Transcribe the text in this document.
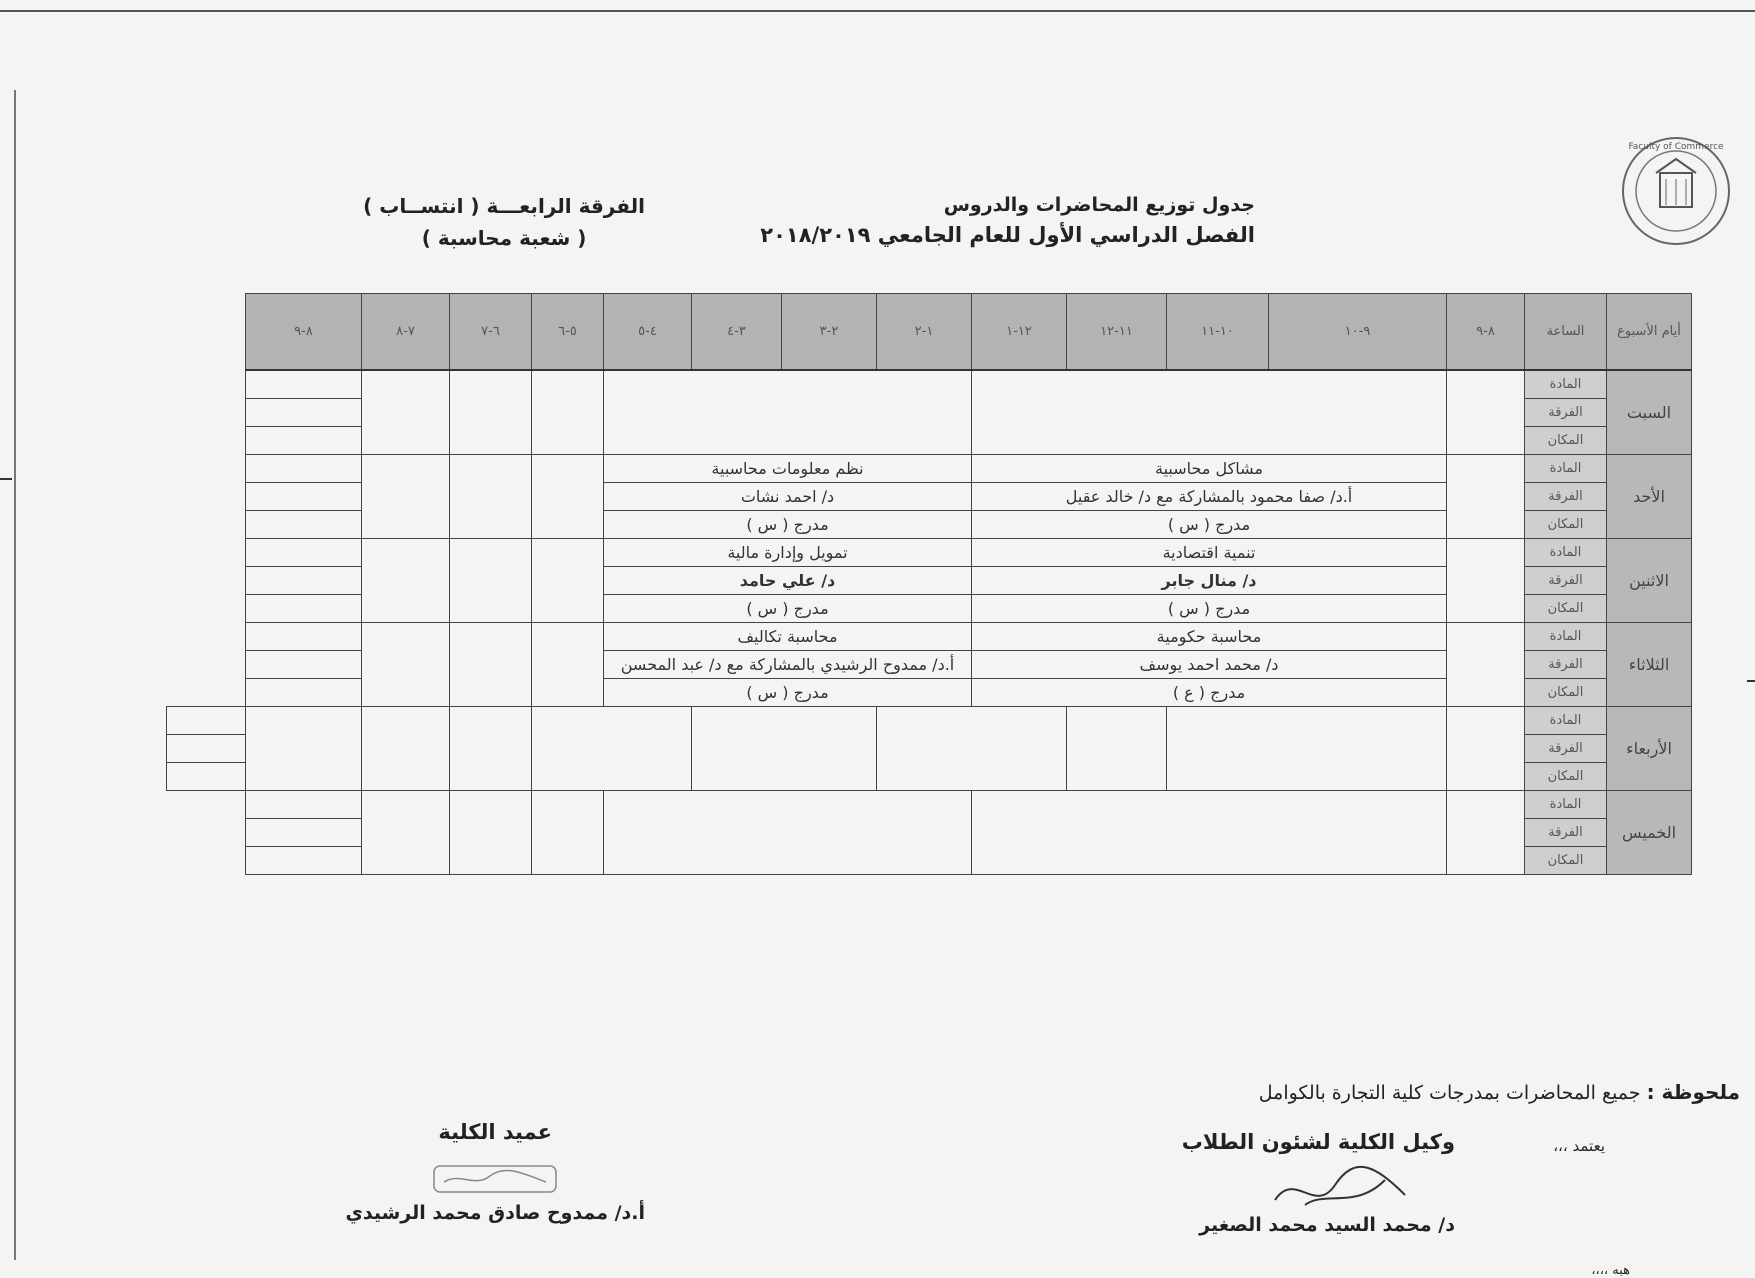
Faculty of Commerce
جدول توزيع المحاضرات والدروس
الفصل الدراسي الأول للعام الجامعي ٢٠١٨/٢٠١٩
الفرقة الرابعـــة ( انتســاب )
( شعبة محاسبة )
أيام الأسبوع	الساعة	٨-٩	٩-١٠	١٠-١١	١١-١٢	١٢-١	١-٢	٢-٣	٣-٤	٤-٥	٥-٦	٦-٧	٧-٨	٨-٩	
السبت	المادة														
	الفرقة														
	المكان														
الأحد	المادة		مشاكل محاسبية				نظم معلومات محاسبية								
	الفرقة		أ.د/ صفا محمود بالمشاركة مع د/ خالد عقيل				د/ احمد نشات								
	المكان		مدرج ( س )				مدرج ( س )								
الاثنين	المادة		تنمية اقتصادية				تمويل وإدارة مالية								
	الفرقة		د/ منال جابر				د/ علي حامد								
	المكان		مدرج ( س )				مدرج ( س )								
الثلاثاء	المادة		محاسبة حكومية				محاسبة تكاليف								
	الفرقة		د/ محمد احمد يوسف				أ.د/ ممدوح الرشيدي بالمشاركة مع د/ عبد المحسن								
	المكان		مدرج ( ع )				مدرج ( س )								
الأربعاء	المادة														
	الفرقة														
	المكان														
الخميس	المادة														
	الفرقة														
	المكان														
ملحوظة : جميع المحاضرات بمدرجات كلية التجارة بالكوامل
يعتمد ،،،
وكيل الكلية لشئون الطلاب
د/ محمد السيد محمد الصغير
عميد الكلية
أ.د/ ممدوح صادق محمد الرشيدي
هبه ،،،،
